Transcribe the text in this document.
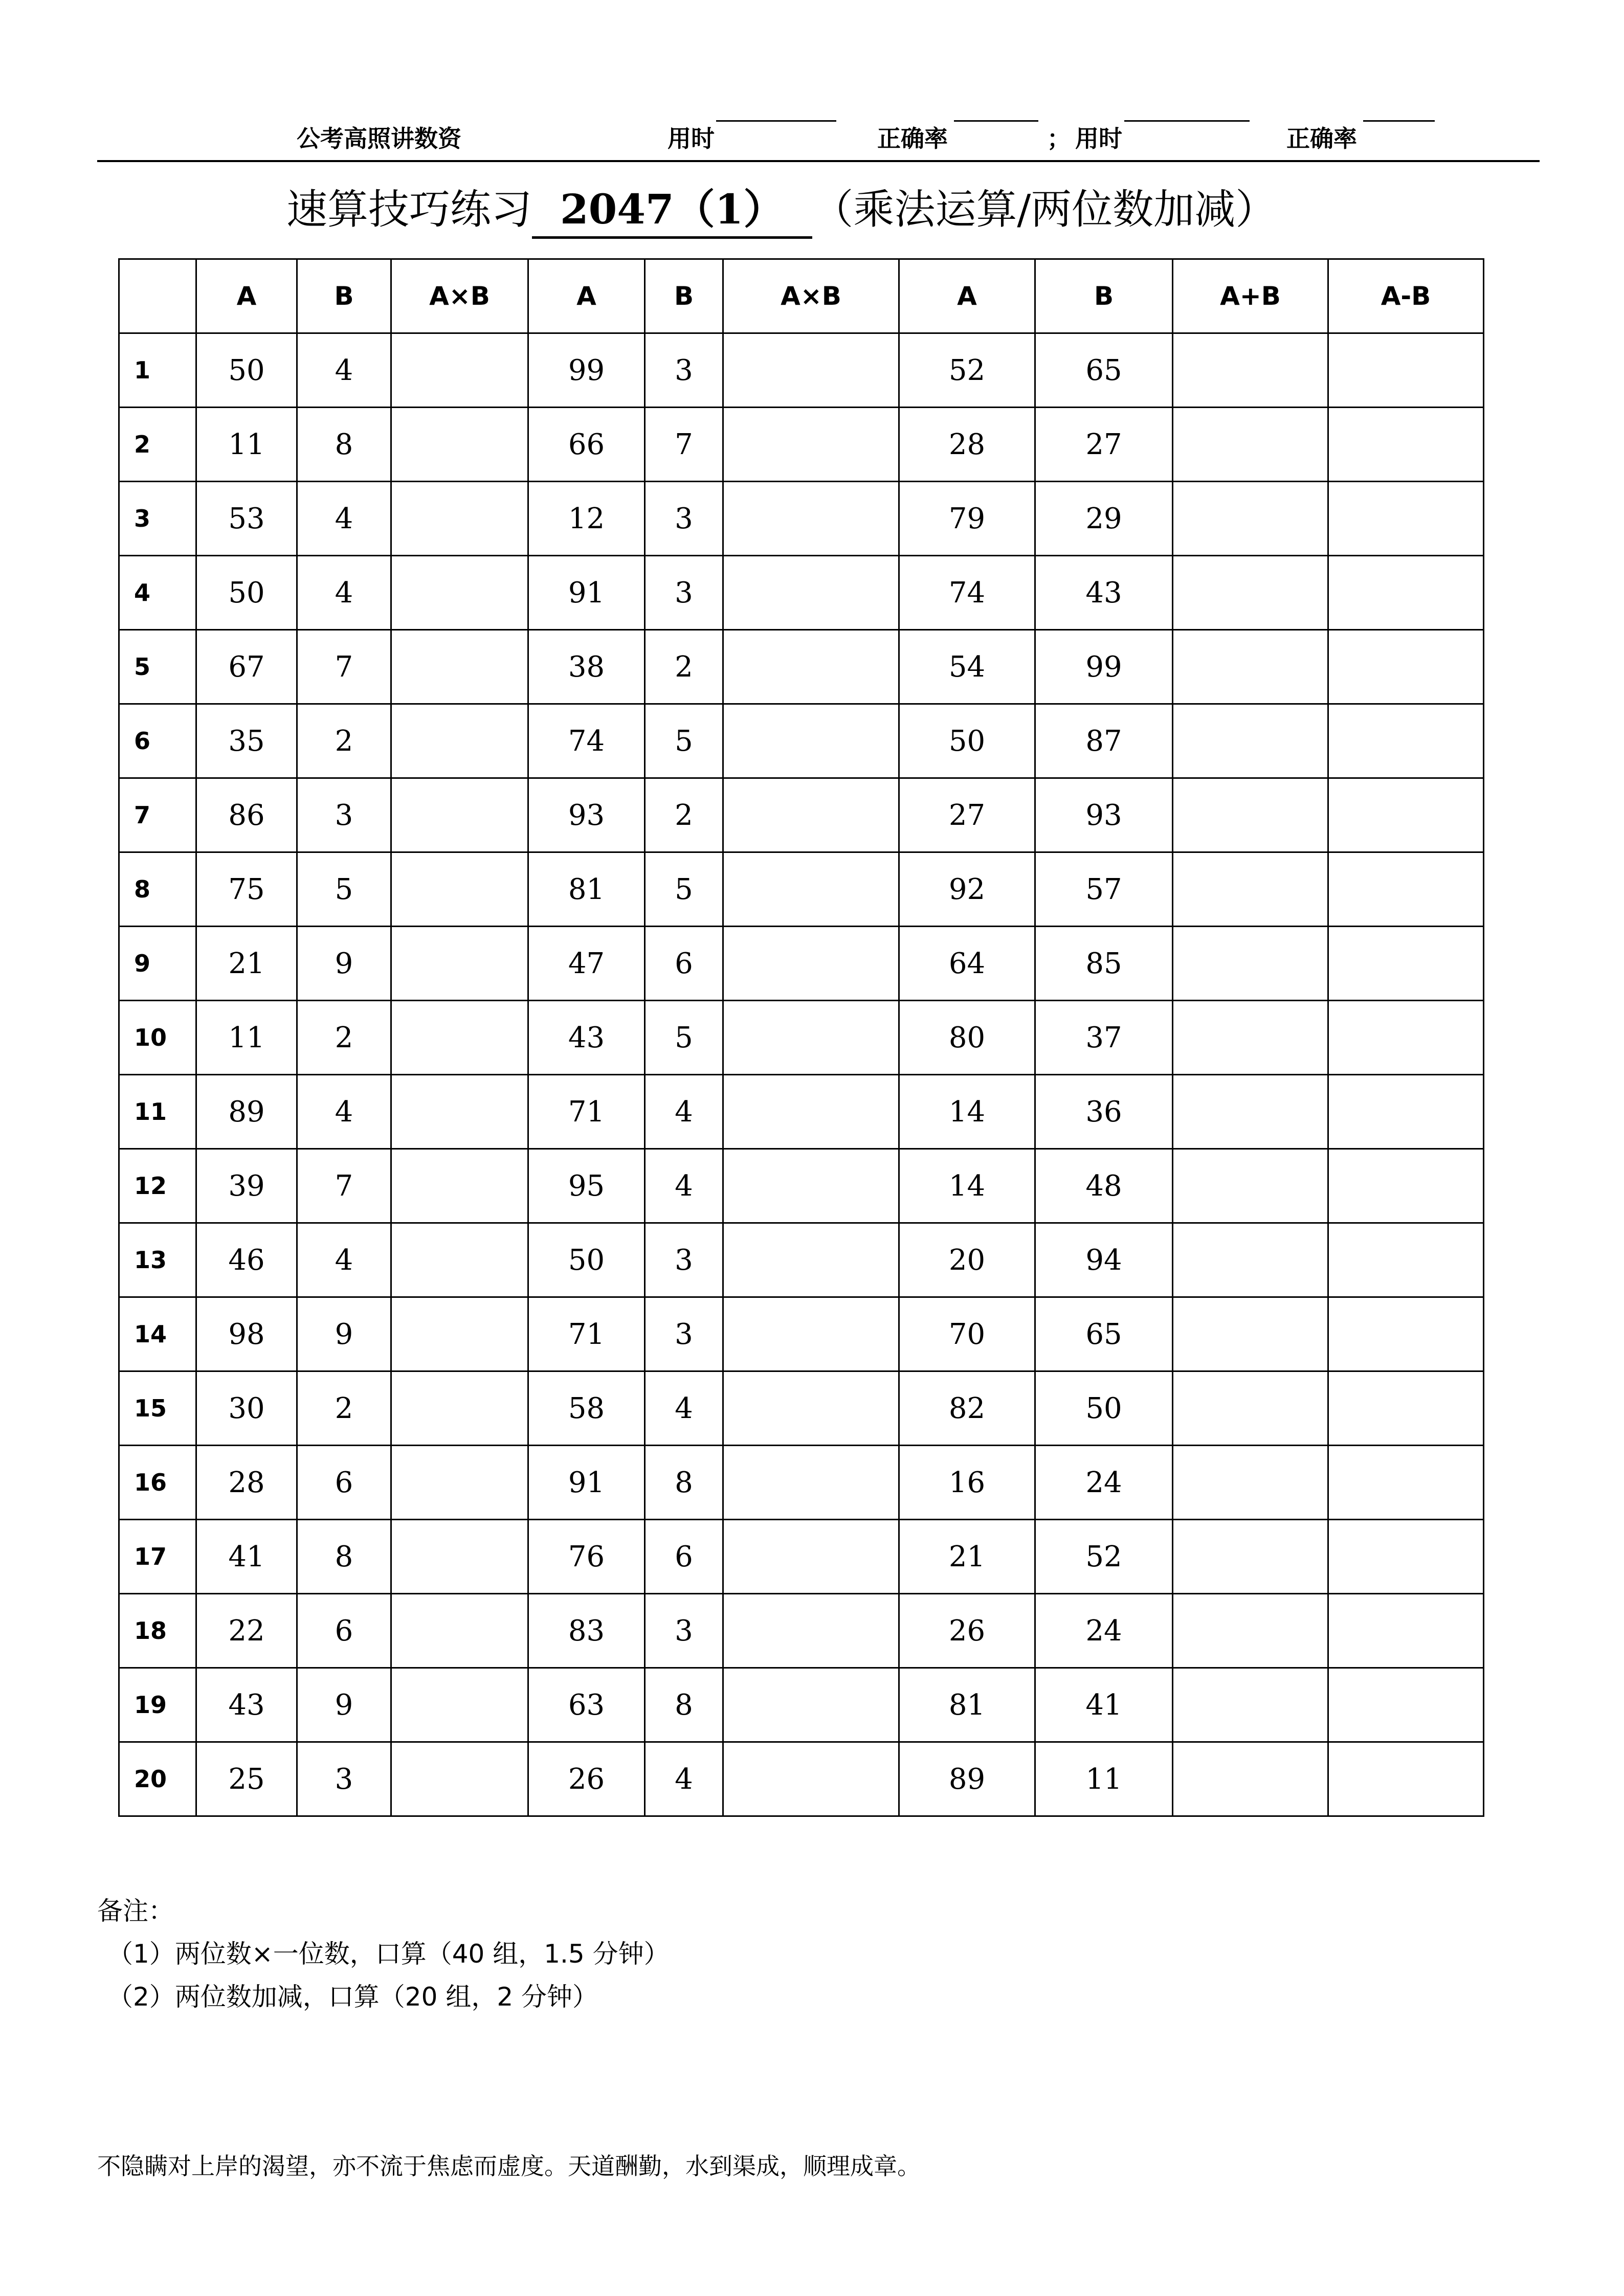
公考高照讲数资	用时	正确率	； 用时	正确率
速算技巧练习 2047（1） （乘法运算/两位数加减）
	A	B	A×B	A	B	A×B	A	B	A+B	A-B
1	50	4		99	3		52	65		
2	11	8		66	7		28	27		
3	53	4		12	3		79	29		
4	50	4		91	3		74	43		
5	67	7		38	2		54	99		
6	35	2		74	5		50	87		
7	86	3		93	2		27	93		
8	75	5		81	5		92	57		
9	21	9		47	6		64	85		
10	11	2		43	5		80	37		
11	89	4		71	4		14	36		
12	39	7		95	4		14	48		
13	46	4		50	3		20	94		
14	98	9		71	3		70	65		
15	30	2		58	4		82	50		
16	28	6		91	8		16	24		
17	41	8		76	6		21	52		
18	22	6		83	3		26	24		
19	43	9		63	8		81	41		
20	25	3		26	4		89	11		
备注：
（1）两位数×一位数，口算（40 组，1.5 分钟）
（2）两位数加减，口算（20 组，2 分钟）
不隐瞒对上岸的渴望，亦不流于焦虑而虚度。天道酬勤，水到渠成，顺理成章。
